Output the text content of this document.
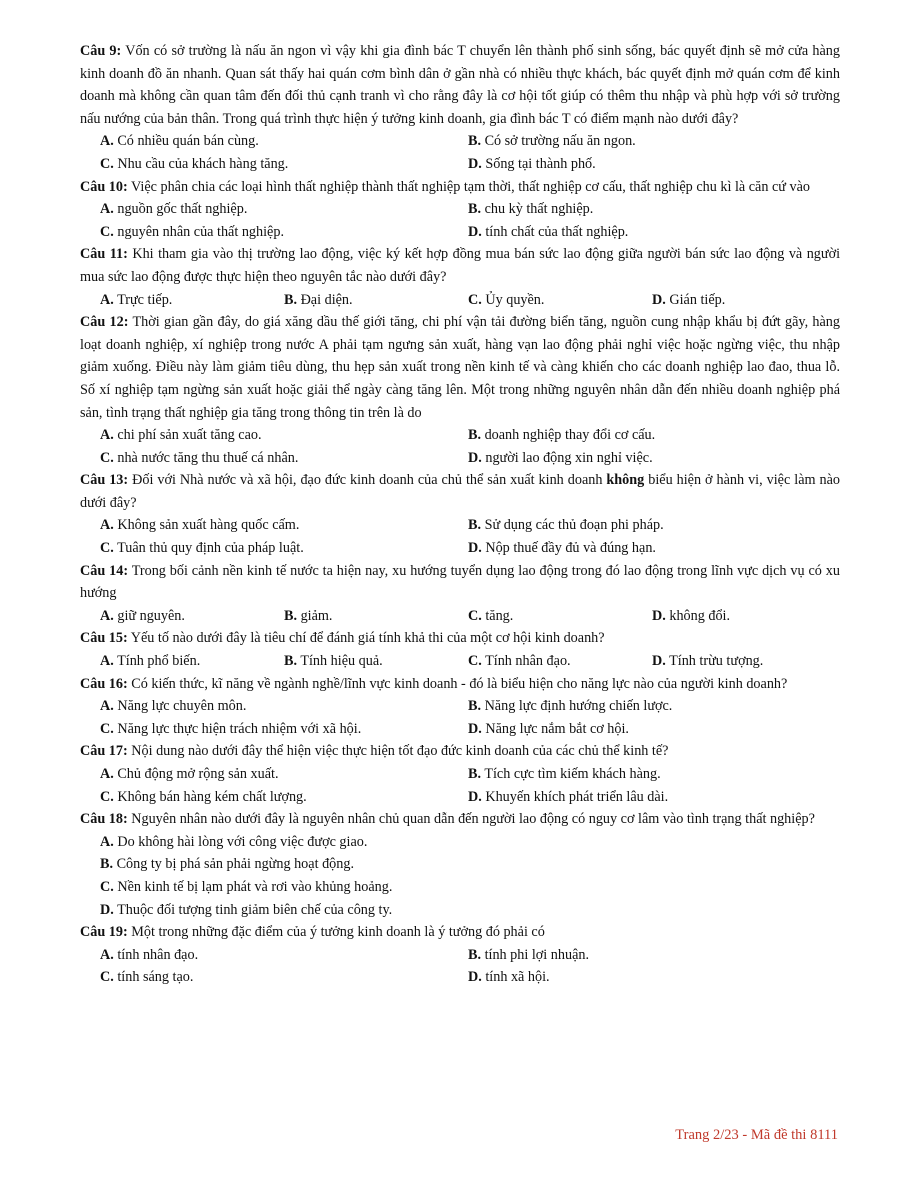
Câu 9: Vốn có sở trường là nấu ăn ngon vì vậy khi gia đình bác T chuyển lên thành phố sinh sống, bác quyết định sẽ mở cửa hàng kinh doanh đồ ăn nhanh. Quan sát thấy hai quán cơm bình dân ở gần nhà có nhiều thực khách, bác quyết định mở quán cơm để kinh doanh mà không cần quan tâm đến đối thủ cạnh tranh vì cho rằng đây là cơ hội tốt giúp có thêm thu nhập và phù hợp với sở trường nấu nướng của bản thân. Trong quá trình thực hiện ý tưởng kinh doanh, gia đình bác T có điểm mạnh nào dưới đây?
A. Có nhiều quán bán cùng.	B. Có sở trường nấu ăn ngon.
C. Nhu cầu của khách hàng tăng.	D. Sống tại thành phố.
Câu 10: Việc phân chia các loại hình thất nghiệp thành thất nghiệp tạm thời, thất nghiệp cơ cấu, thất nghiệp chu kì là căn cứ vào
A. nguồn gốc thất nghiệp.	B. chu kỳ thất nghiệp.
C. nguyên nhân của thất nghiệp.	D. tính chất của thất nghiệp.
Câu 11: Khi tham gia vào thị trường lao động, việc ký kết hợp đồng mua bán sức lao động giữa người bán sức lao động và người mua sức lao động được thực hiện theo nguyên tắc nào dưới đây?
A. Trực tiếp.	B. Đại diện.	C. Ủy quyền.	D. Gián tiếp.
Câu 12: Thời gian gần đây, do giá xăng dầu thế giới tăng, chi phí vận tải đường biển tăng, nguồn cung nhập khẩu bị đứt gãy, hàng loạt doanh nghiệp, xí nghiệp trong nước A phải tạm ngưng sản xuất, hàng vạn lao động phải nghỉ việc hoặc ngừng việc, thu nhập giảm xuống. Điều này làm giảm tiêu dùng, thu hẹp sản xuất trong nền kinh tế và càng khiến cho các doanh nghiệp lao đao, thua lỗ. Số xí nghiệp tạm ngừng sản xuất hoặc giải thể ngày càng tăng lên. Một trong những nguyên nhân dẫn đến nhiều doanh nghiệp phá sản, tình trạng thất nghiệp gia tăng trong thông tin trên là do
A. chi phí sản xuất tăng cao.	B. doanh nghiệp thay đổi cơ cấu.
C. nhà nước tăng thu thuế cá nhân.	D. người lao động xin nghỉ việc.
Câu 13: Đối với Nhà nước và xã hội, đạo đức kinh doanh của chủ thể sản xuất kinh doanh không biểu hiện ở hành vi, việc làm nào dưới đây?
A. Không sản xuất hàng quốc cấm.	B. Sử dụng các thủ đoạn phi pháp.
C. Tuân thủ quy định của pháp luật.	D. Nộp thuế đầy đủ và đúng hạn.
Câu 14: Trong bối cảnh nền kinh tế nước ta hiện nay, xu hướng tuyển dụng lao động trong đó lao động trong lĩnh vực dịch vụ có xu hướng
A. giữ nguyên.	B. giảm.	C. tăng.	D. không đổi.
Câu 15: Yếu tố nào dưới đây là tiêu chí để đánh giá tính khả thi của một cơ hội kinh doanh?
A. Tính phổ biến.	B. Tính hiệu quả.	C. Tính nhân đạo.	D. Tính trừu tượng.
Câu 16: Có kiến thức, kĩ năng về ngành nghề/lĩnh vực kinh doanh - đó là biểu hiện cho năng lực nào của người kinh doanh?
A. Năng lực chuyên môn.	B. Năng lực định hướng chiến lược.
C. Năng lực thực hiện trách nhiệm với xã hội.	D. Năng lực nắm bắt cơ hội.
Câu 17: Nội dung nào dưới đây thể hiện việc thực hiện tốt đạo đức kinh doanh của các chủ thể kinh tế?
A. Chủ động mở rộng sản xuất.	B. Tích cực tìm kiếm khách hàng.
C. Không bán hàng kém chất lượng.	D. Khuyến khích phát triển lâu dài.
Câu 18: Nguyên nhân nào dưới đây là nguyên nhân chủ quan dẫn đến người lao động có nguy cơ lâm vào tình trạng thất nghiệp?
A. Do không hài lòng với công việc được giao.
B. Công ty bị phá sản phải ngừng hoạt động.
C. Nền kinh tế bị lạm phát và rơi vào khủng hoảng.
D. Thuộc đối tượng tinh giảm biên chế của công ty.
Câu 19: Một trong những đặc điểm của ý tưởng kinh doanh là ý tưởng đó phải có
A. tính nhân đạo.	B. tính phi lợi nhuận.
C. tính sáng tạo.	D. tính xã hội.
Trang 2/23 - Mã đề thi 8111
